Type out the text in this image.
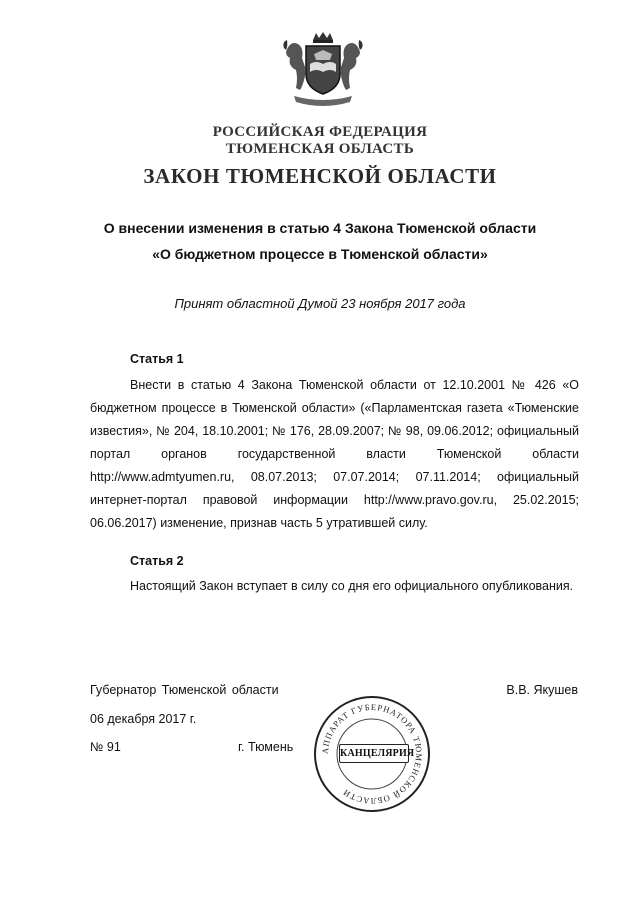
РОССИЙСКАЯ ФЕДЕРАЦИЯ
ТЮМЕНСКАЯ ОБЛАСТЬ
ЗАКОН ТЮМЕНСКОЙ ОБЛАСТИ
О внесении изменения в статью 4 Закона Тюменской области
«О бюджетном процессе в Тюменской области»
Принят областной Думой 23 ноября 2017 года
Статья 1
Внести в статью 4 Закона Тюменской области от 12.10.2001 № 426 «О бюджетном процессе в Тюменской области» («Парламентская газета «Тюменские известия», № 204, 18.10.2001; № 176, 28.09.2007; № 98, 09.06.2012; официальный портал органов государственной власти Тюменской области http://www.admtyumen.ru, 08.07.2013; 07.07.2014; 07.11.2014; официальный интернет-портал правовой информации http://www.pravo.gov.ru, 25.02.2015; 06.06.2017) изменение, признав часть 5 утратившей силу.
Статья 2
Настоящий Закон вступает в силу со дня его официального опубликования.
Губернатор Тюменской области	В.В. Якушев
06 декабря 2017 г.
№ 91	г. Тюмень	АППАРАТ ГУБЕРНАТОРА ТЮМЕНСКОЙ ОБЛАСТИ
КАНЦЕЛЯРИЯ
